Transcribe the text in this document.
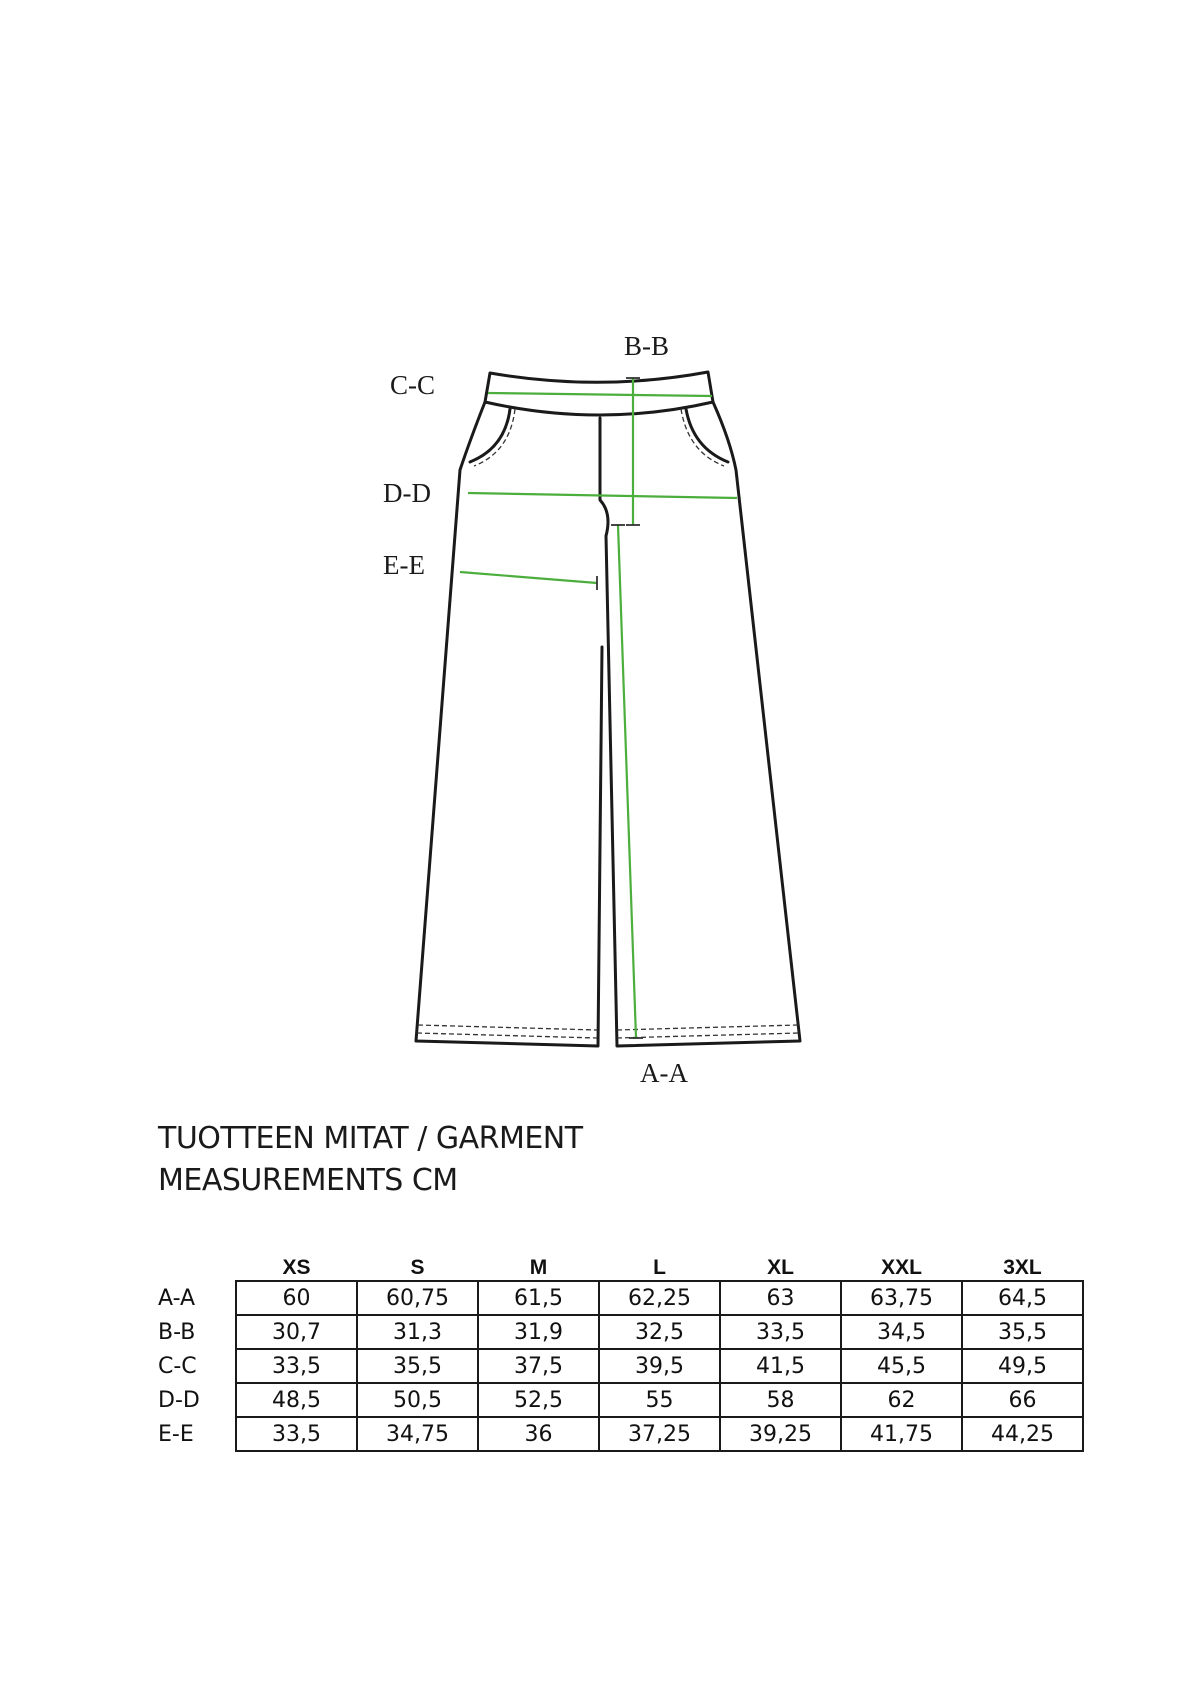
B-B
C-C
D-D
E-E
A-A
TUOTTEEN MITAT / GARMENT
MEASUREMENTS CM
	XS	S	M	L	XL	XXL	3XL
A-A	60	60,75	61,5	62,25	63	63,75	64,5
B-B	30,7	31,3	31,9	32,5	33,5	34,5	35,5
C-C	33,5	35,5	37,5	39,5	41,5	45,5	49,5
D-D	48,5	50,5	52,5	55	58	62	66
E-E	33,5	34,75	36	37,25	39,25	41,75	44,25
